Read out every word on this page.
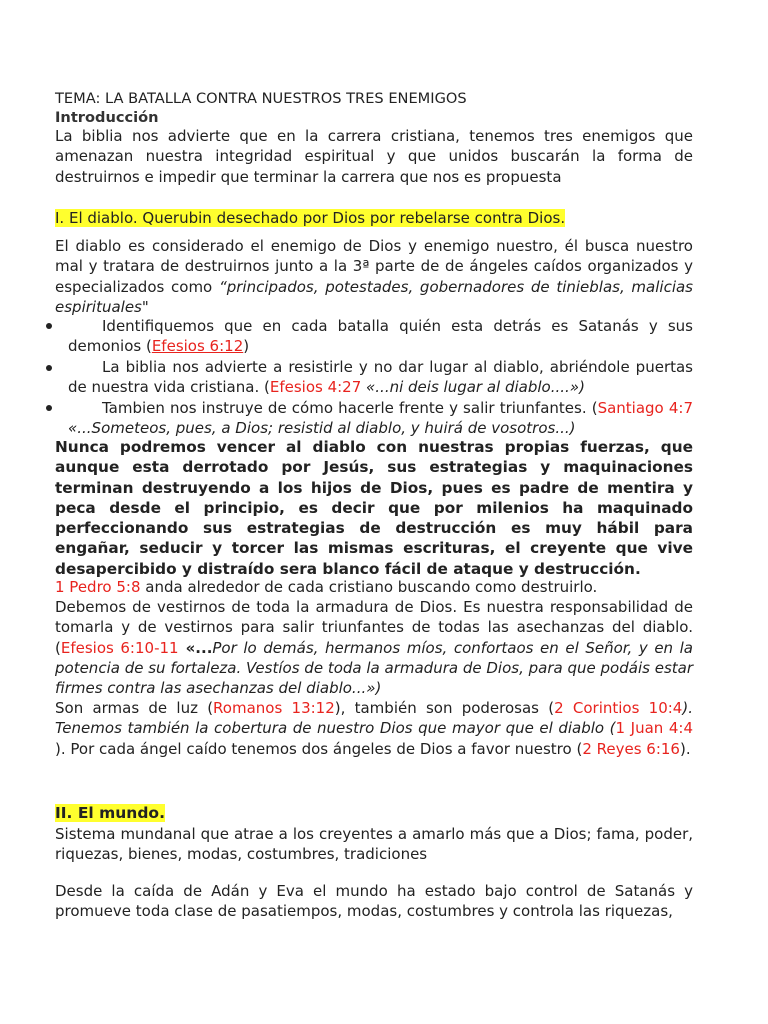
TEMA: LA BATALLA CONTRA NUESTROS TRES ENEMIGOS
Introducción
La biblia nos advierte que en la carrera cristiana, tenemos tres enemigos que amenazan nuestra integridad espiritual y que unidos buscarán la forma de destruirnos e impedir que terminar la carrera que nos es propuesta
I. El diablo. Querubin desechado por Dios por rebelarse contra Dios.
El diablo es considerado el enemigo de Dios y enemigo nuestro, él busca nuestro mal y tratara de destruirnos junto a la 3ª parte de de ángeles caídos organizados y especializados como “principados, potestades, gobernadores de tinieblas, malicias espirituales"
Identifiquemos que en cada batalla quién esta detrás es Satanás y sus demonios (Efesios 6:12)
La biblia nos advierte a resistirle y no dar lugar al diablo, abriéndole puertas de nuestra vida cristiana. (Efesios 4:27 «...ni deis lugar al diablo....»)
Tambien nos instruye de cómo hacerle frente y salir triunfantes. (Santiago 4:7 «...Someteos, pues, a Dios; resistid al diablo, y huirá de vosotros...)
Nunca podremos vencer al diablo con nuestras propias fuerzas, que aunque esta derrotado por Jesús, sus estrategias y maquinaciones terminan destruyendo a los hijos de Dios, pues es padre de mentira y peca desde el principio, es decir que por milenios ha maquinado perfeccionando sus estrategias de destrucción es muy hábil para engañar, seducir y torcer las mismas escrituras, el creyente que vive desapercibido y distraído sera blanco fácil de ataque y destrucción.
1 Pedro 5:8 anda alrededor de cada cristiano buscando como destruirlo.
Debemos de vestirnos de toda la armadura de Dios. Es nuestra responsabilidad de tomarla y de vestirnos para salir triunfantes de todas las asechanzas del diablo. (Efesios 6:10-11 «...Por lo demás, hermanos míos, confortaos en el Señor, y en la potencia de su fortaleza. Vestíos de toda la armadura de Dios, para que podáis estar firmes contra las asechanzas del diablo...»)
Son armas de luz (Romanos 13:12), también son poderosas (2 Corintios 10:4). Tenemos también la cobertura de nuestro Dios que mayor que el diablo (1 Juan 4:4 ). Por cada ángel caído tenemos dos ángeles de Dios a favor nuestro (2 Reyes 6:16).
II. El mundo.
Sistema mundanal que atrae a los creyentes a amarlo más que a Dios; fama, poder, riquezas, bienes, modas, costumbres, tradiciones
Desde la caída de Adán y Eva el mundo ha estado bajo control de Satanás y promueve toda clase de pasatiempos, modas, costumbres y controla las riquezas,
